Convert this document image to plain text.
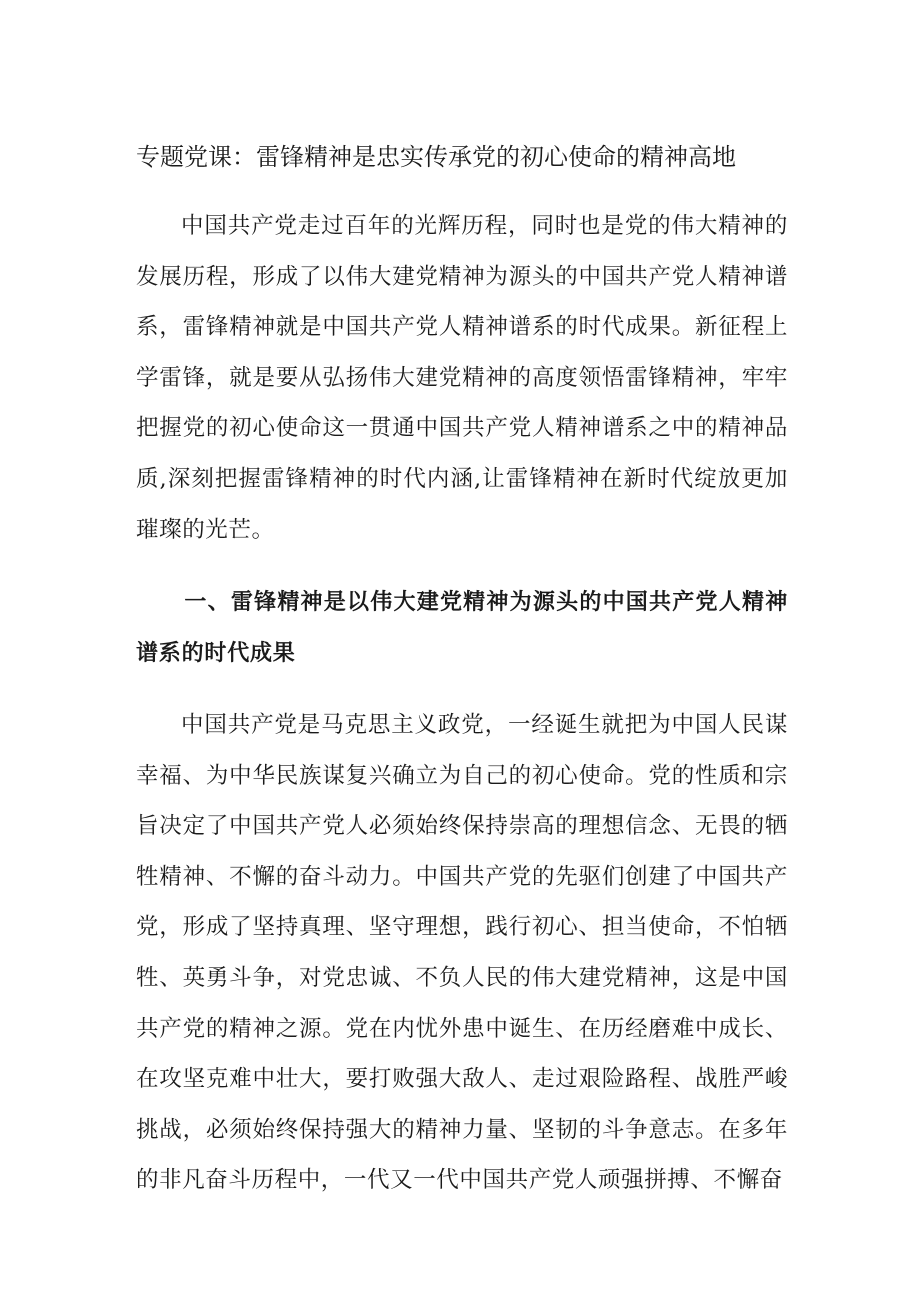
专题党课：雷锋精神是忠实传承党的初心使命的精神高地

中国共产党走过百年的光辉历程，同时也是党的伟大精神的发展历程，形成了以伟大建党精神为源头的中国共产党人精神谱系，雷锋精神就是中国共产党人精神谱系的时代成果。新征程上学雷锋，就是要从弘扬伟大建党精神的高度领悟雷锋精神，牢牢把握党的初心使命这一贯通中国共产党人精神谱系之中的精神品质,深刻把握雷锋精神的时代内涵,让雷锋精神在新时代绽放更加璀璨的光芒。

一、雷锋精神是以伟大建党精神为源头的中国共产党人精神谱系的时代成果

中国共产党是马克思主义政党，一经诞生就把为中国人民谋幸福、为中华民族谋复兴确立为自己的初心使命。党的性质和宗旨决定了中国共产党人必须始终保持崇高的理想信念、无畏的牺牲精神、不懈的奋斗动力。中国共产党的先驱们创建了中国共产党，形成了坚持真理、坚守理想，践行初心、担当使命，不怕牺牲、英勇斗争，对党忠诚、不负人民的伟大建党精神，这是中国共产党的精神之源。党在内忧外患中诞生、在历经磨难中成长、在攻坚克难中壮大，要打败强大敌人、走过艰险路程、战胜严峻挑战，必须始终保持强大的精神力量、坚韧的斗争意志。在多年的非凡奋斗历程中，一代又一代中国共产党人顽强拼搏、不懈奋
